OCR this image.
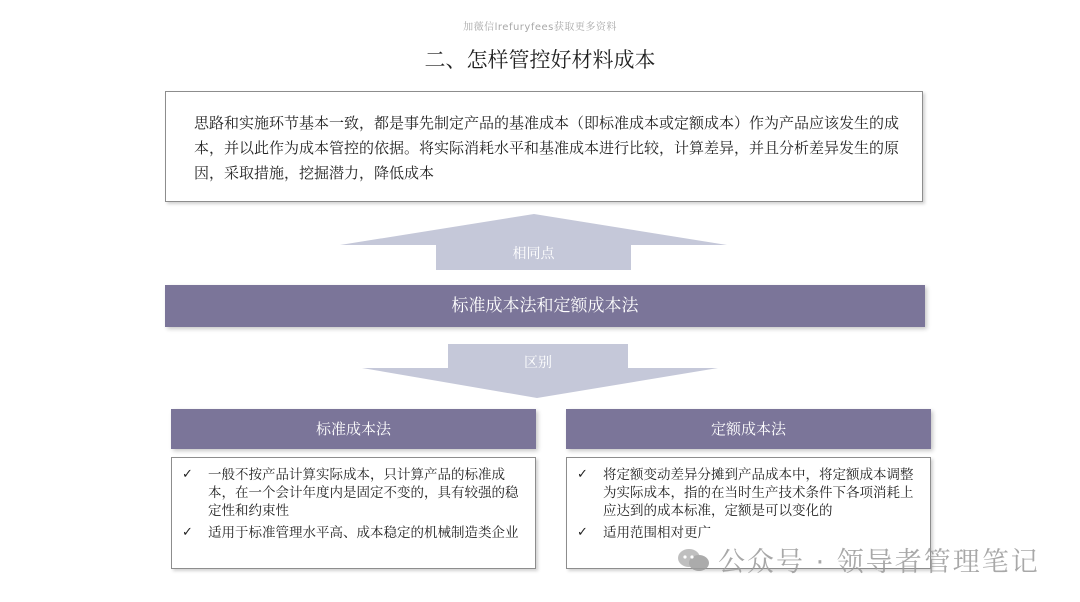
加薇信lrefuryfees获取更多资料
二、怎样管控好材料成本
思路和实施环节基本一致，都是事先制定产品的基准成本（即标准成本或定额成本）作为产品应该发生的成本，并以此作为成本管控的依据。将实际消耗水平和基准成本进行比较，计算差异，并且分析差异发生的原因，采取措施，挖掘潜力，降低成本
相同点
区别
标准成本法和定额成本法
标准成本法
✓	一般不按产品计算实际成本，只计算产品的标准成本，在一个会计年度内是固定不变的，具有较强的稳定性和约束性
✓	适用于标准管理水平高、成本稳定的机械制造类企业
定额成本法
✓	将定额变动差异分摊到产品成本中，将定额成本调整为实际成本，指的在当时生产技术条件下各项消耗上应达到的成本标准，定额是可以变化的
✓	适用范围相对更广
公众号 · 领导者管理笔记
